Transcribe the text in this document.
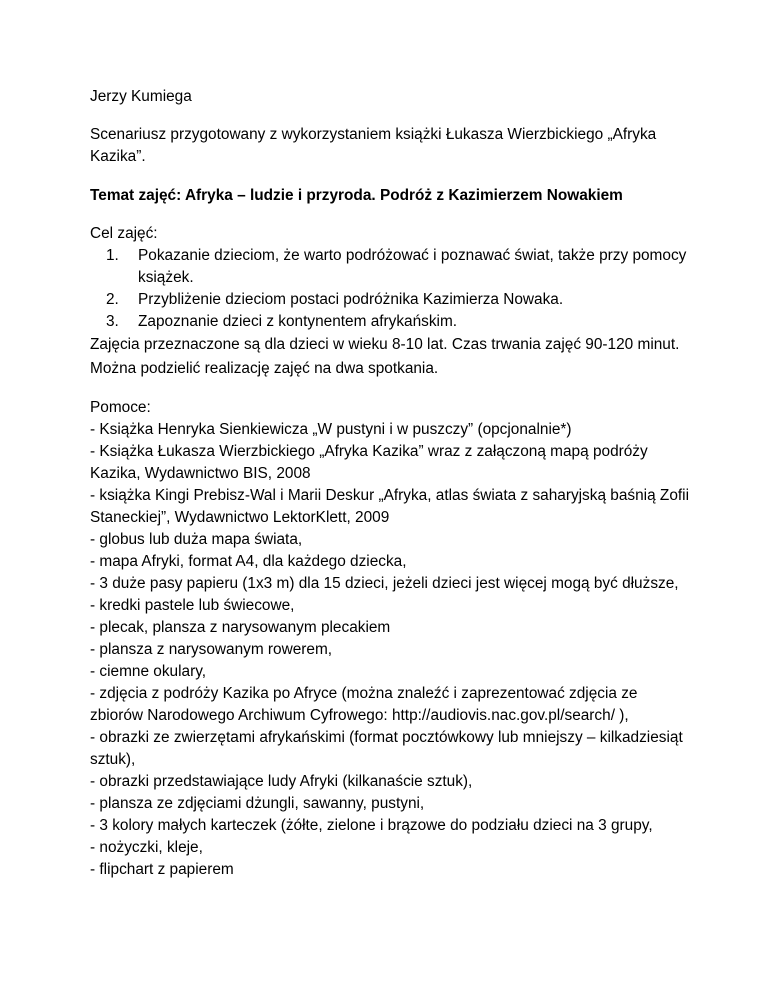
Jerzy Kumiega

Scenariusz przygotowany z wykorzystaniem książki Łukasza Wierzbickiego „Afryka Kazika”.

Temat zajęć: Afryka – ludzie i przyroda. Podróż z Kazimierzem Nowakiem

Cel zajęć:

1. Pokazanie dzieciom, że warto podróżować i poznawać świat, także przy pomocy książek.
2. Przybliżenie dzieciom postaci podróżnika Kazimierza Nowaka.
3. Zapoznanie dzieci z kontynentem afrykańskim.

Zajęcia przeznaczone są dla dzieci w wieku 8-10 lat. Czas trwania zajęć 90-120 minut. Można podzielić realizację zajęć na dwa spotkania.

Pomoce:

- Książka Henryka Sienkiewicza „W pustyni i w puszczy” (opcjonalnie*)
- Książka Łukasza Wierzbickiego „Afryka Kazika” wraz z załączoną mapą podróży Kazika, Wydawnictwo BIS, 2008
- książka Kingi Prebisz-Wal i Marii Deskur „Afryka, atlas świata z saharyjską baśnią Zofii Staneckiej”, Wydawnictwo LektorKlett, 2009
- globus lub duża mapa świata,
- mapa Afryki, format A4, dla każdego dziecka,
- 3 duże pasy papieru (1x3 m) dla 15 dzieci, jeżeli dzieci jest więcej mogą być dłuższe,
- kredki pastele lub świecowe,
- plecak, plansza z narysowanym plecakiem
- plansza z narysowanym rowerem,
- ciemne okulary,
- zdjęcia z podróży Kazika po Afryce (można znaleźć i zaprezentować zdjęcia ze zbiorów Narodowego Archiwum Cyfrowego: http://audiovis.nac.gov.pl/search/ ),
- obrazki ze zwierzętami afrykańskimi (format pocztówkowy lub mniejszy – kilkadziesiąt sztuk),
- obrazki przedstawiające ludy Afryki (kilkanaście sztuk),
- plansza ze zdjęciami dżungli, sawanny, pustyni,
- 3 kolory małych karteczek (żółte, zielone i brązowe do podziału dzieci na 3 grupy,
- nożyczki, kleje,
- flipchart z papierem
